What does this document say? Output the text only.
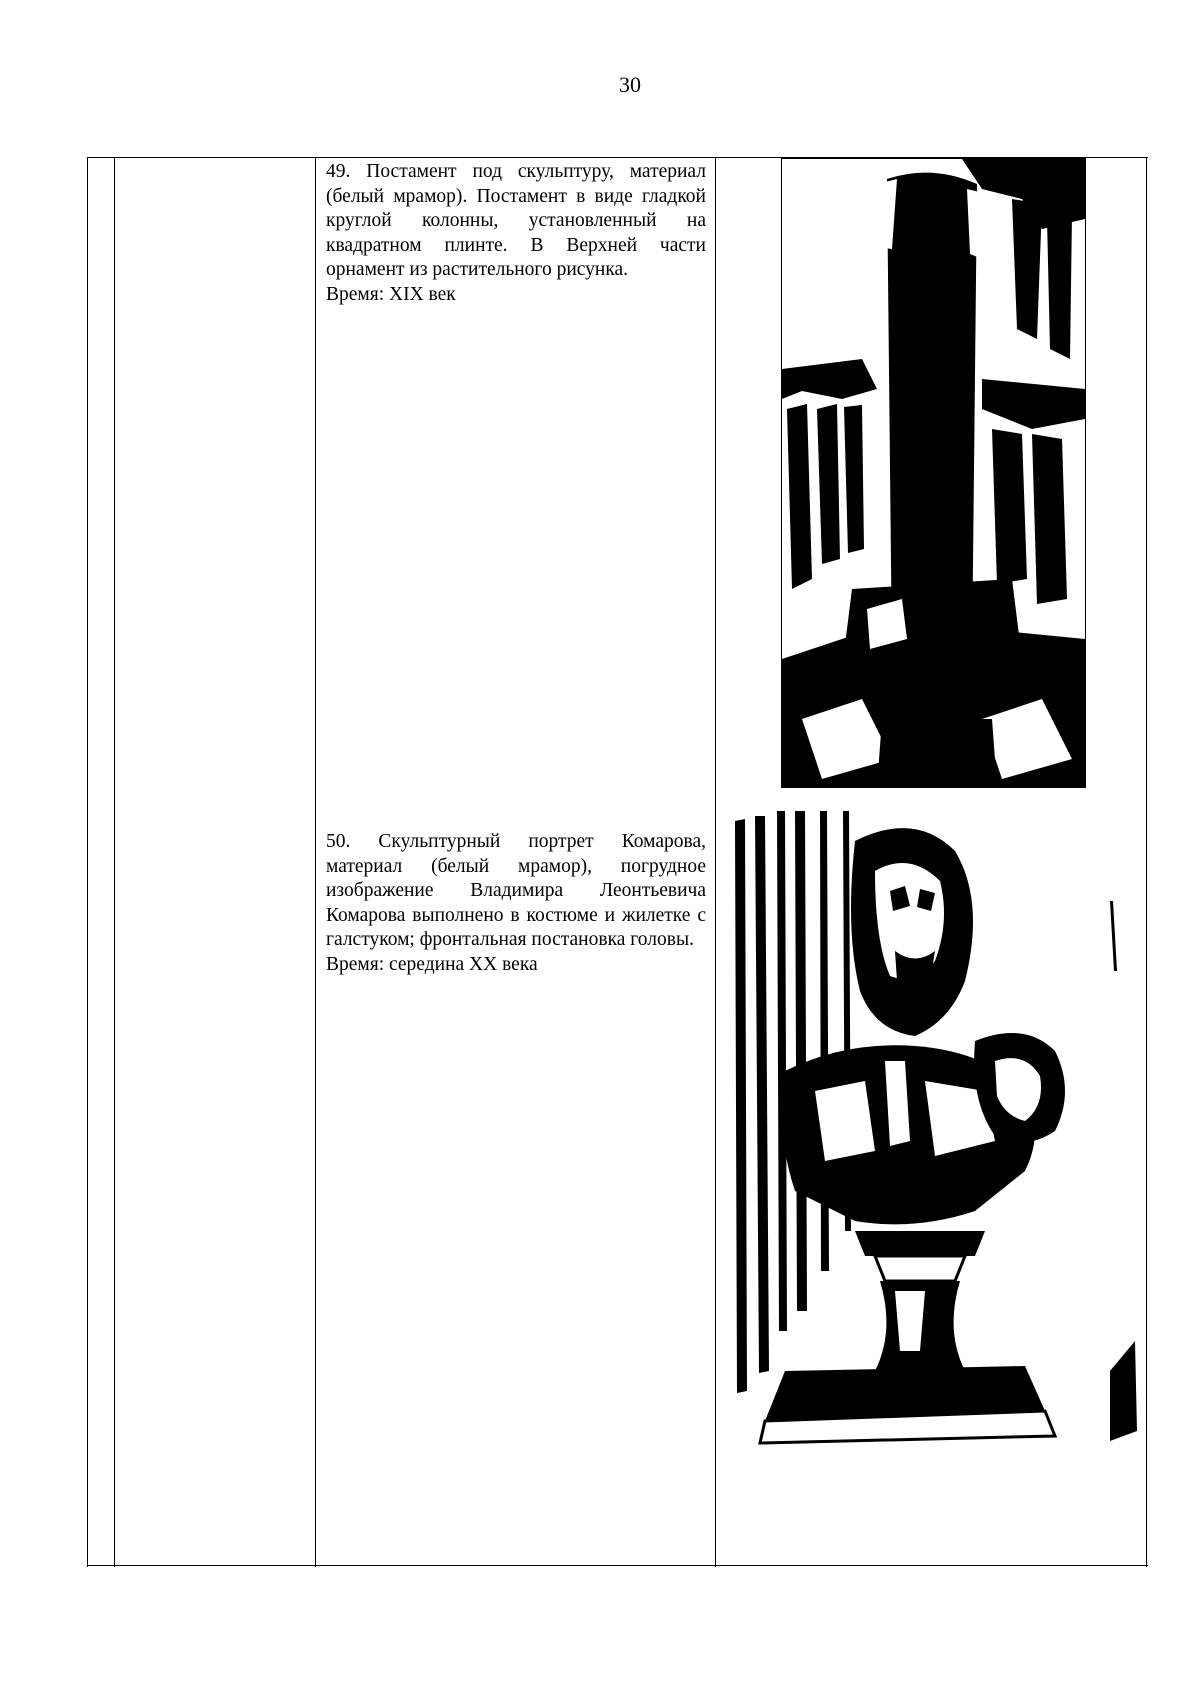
30

49. Постамент под скульптуру, материал (белый мрамор). Постамент в виде гладкой круглой колонны, установленный на квадратном плинте. В Верхней части орнамент из растительного рисунка.

Время: XIX век

50. Скульптурный портрет Комарова, материал (белый мрамор), погрудное изображение Владимира Леонтьевича Комарова выполнено в костюме и жилетке с галстуком; фронтальная постановка головы.

Время: середина XX века
